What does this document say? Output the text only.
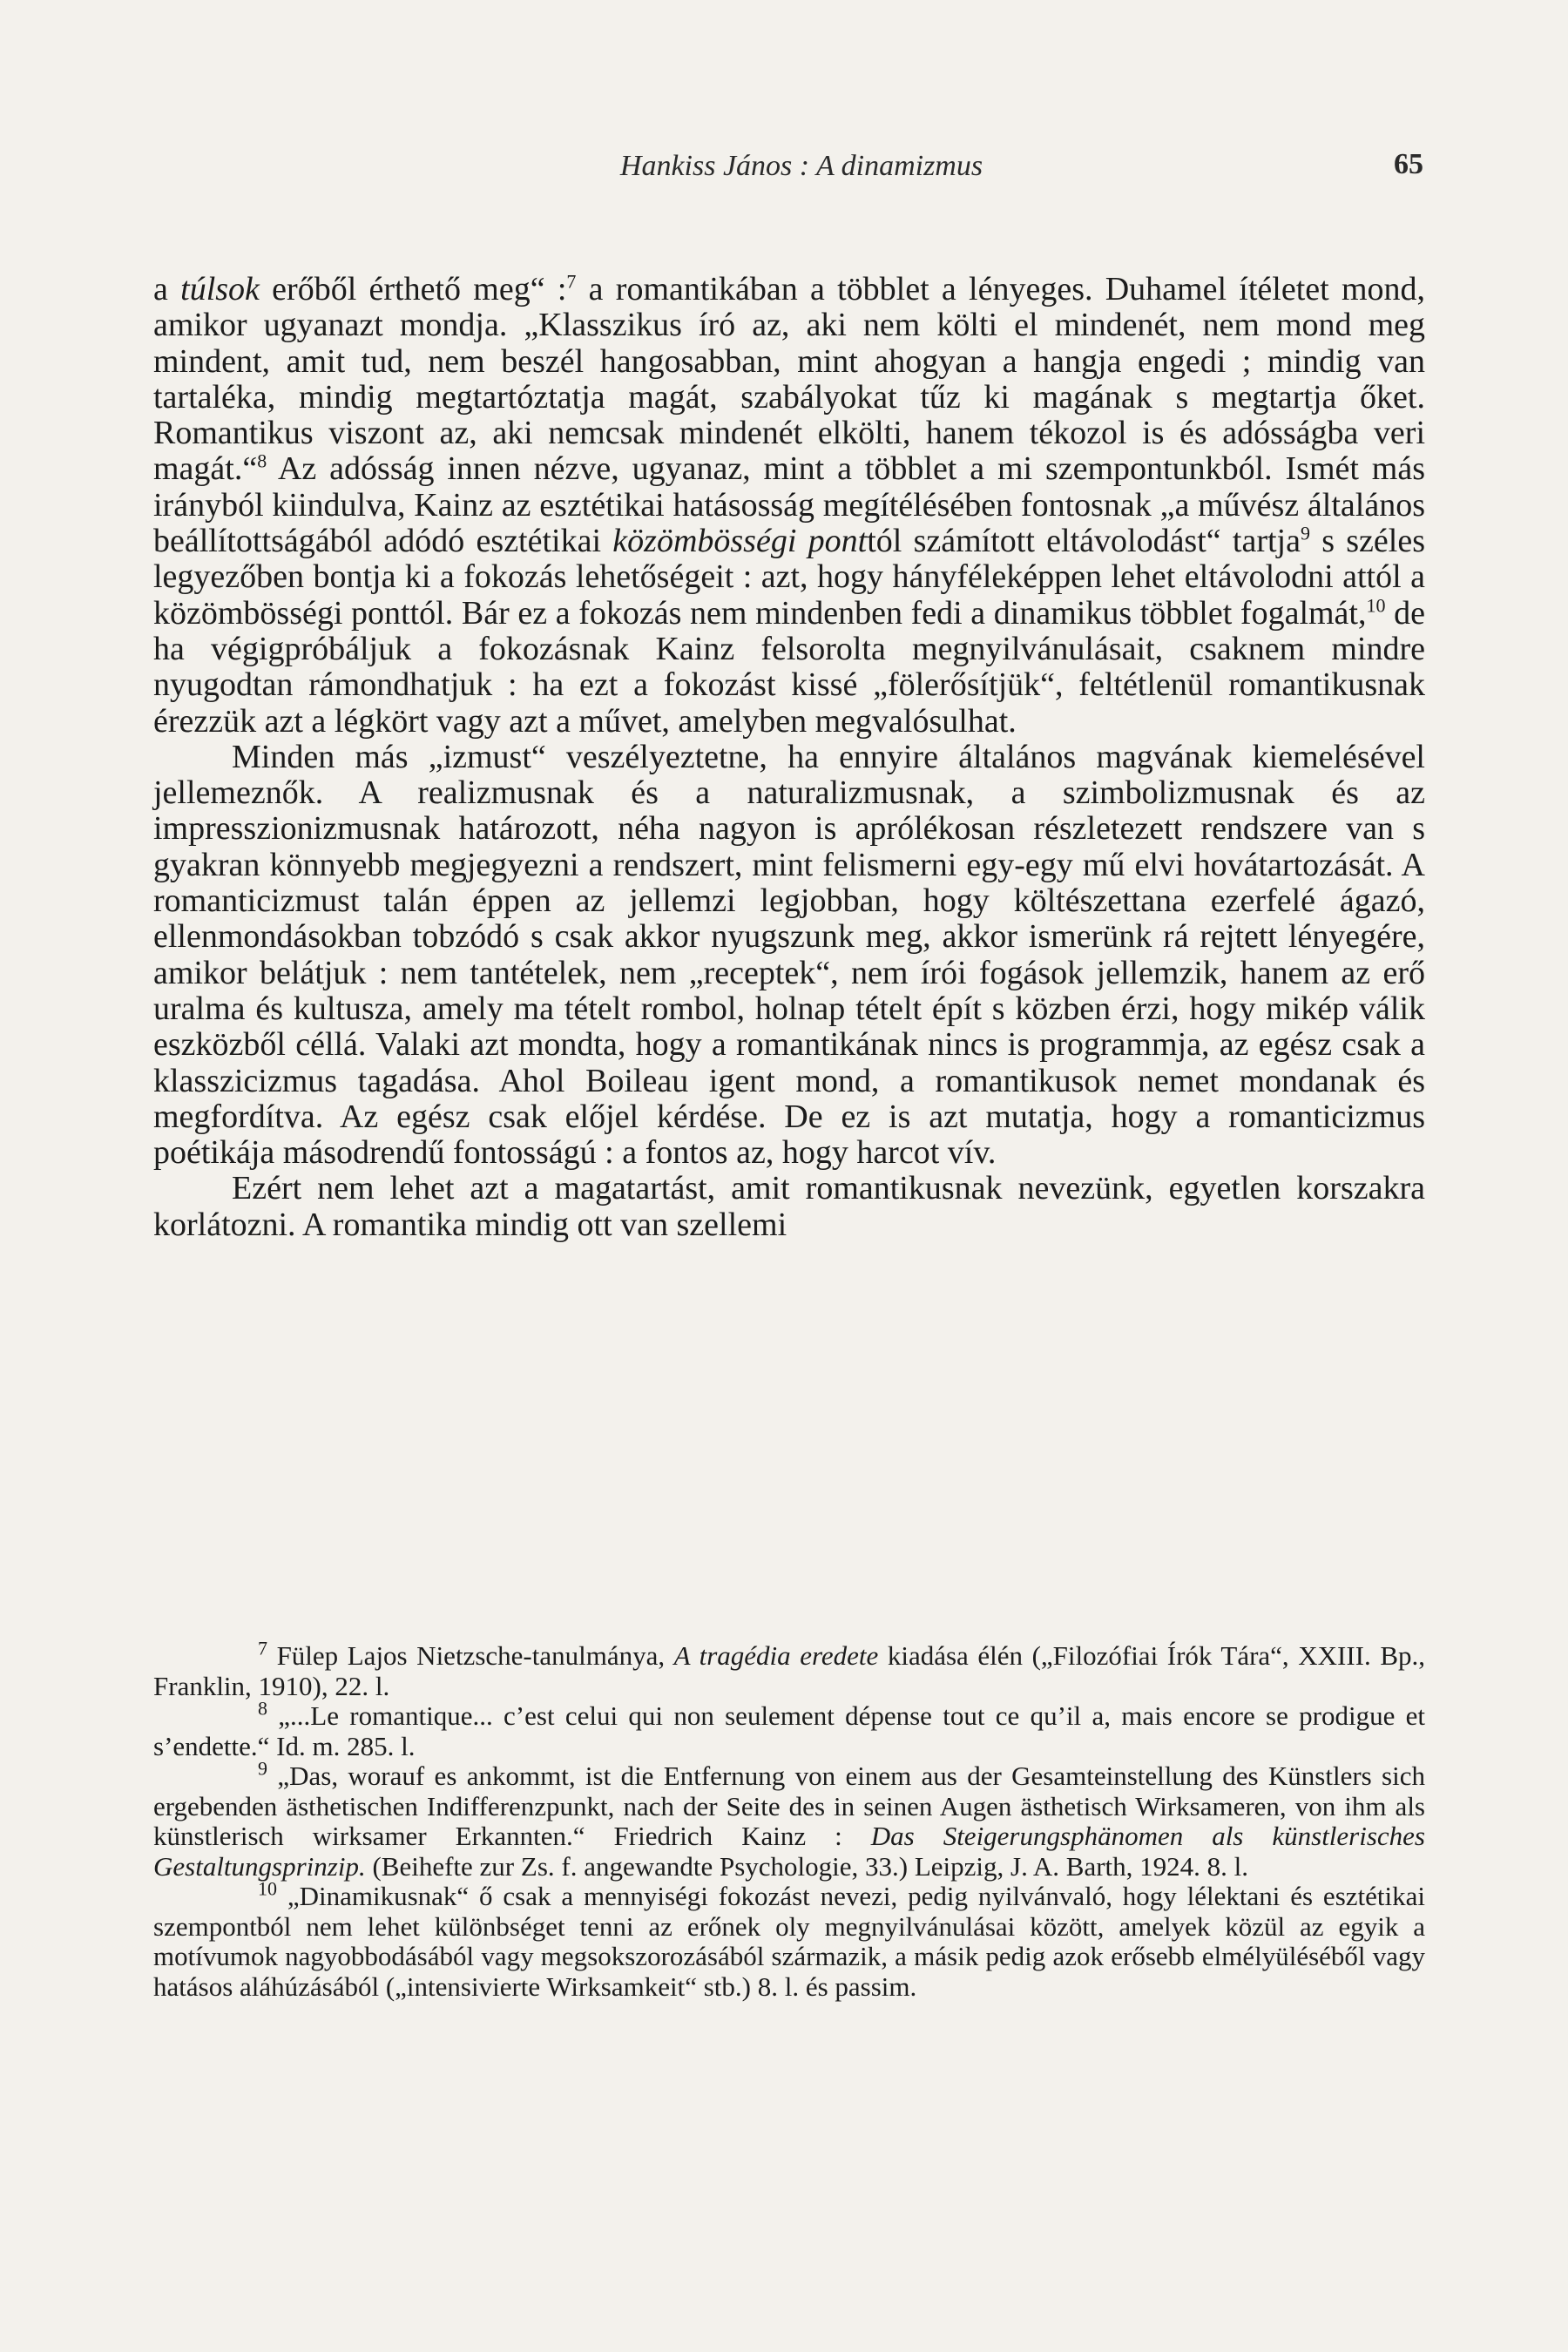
Hankiss János : A dinamizmus	65

a túlsok erőből érthető meg“ :$^7$ a romantikában a többlet a lényeges. Duhamel ítéletet mond, amikor ugyanazt mondja. „Klasszikus író az, aki nem költi el mindenét, nem mond meg mindent, amit tud, nem beszél hangosabban, mint ahogyan a hangja engedi ; mindig van tartaléka, mindig megtartóztatja magát, szabályokat tűz ki magának s megtartja őket. Romantikus viszont az, aki nemcsak mindenét elkölti, hanem tékozol is és adósságba veri magát.“$^8$ Az adósság innen nézve, ugyanaz, mint a többlet a mi szempontunkból. Ismét más irányból kiindulva, Kainz az esztétikai hatásosság megítélésében fontosnak „a művész általános beállítottságából adódó esztétikai közömbösségi ponttól számított eltávolodást“ tartja$^9$ s széles legyezőben bontja ki a fokozás lehetőségeit : azt, hogy hányféleképpen lehet eltávolodni attól a közömbösségi ponttól. Bár ez a fokozás nem mindenben fedi a dinamikus többlet fogalmát,$^{10}$ de ha végigpróbáljuk a fokozásnak Kainz felsorolta megnyilvánulásait, csaknem mindre nyugodtan rámondhatjuk : ha ezt a fokozást kissé „fölerősítjük“, feltétlenül romantikusnak érezzük azt a légkört vagy azt a művet, amelyben megvalósulhat.

Minden más „izmust“ veszélyeztetne, ha ennyire általános magvának kiemelésével jellemeznők. A realizmusnak és a naturalizmusnak, a szimbolizmusnak és az impresszionizmusnak határozott, néha nagyon is aprólékosan részletezett rendszere van s gyakran könnyebb megjegyezni a rendszert, mint felismerni egy-egy mű elvi hovátartozását. A romanticizmust talán éppen az jellemzi legjobban, hogy költészettana ezerfelé ágazó, ellenmondásokban tobzódó s csak akkor nyugszunk meg, akkor ismerünk rá rejtett lényegére, amikor belátjuk : nem tantételek, nem „receptek“, nem írói fogások jellemzik, hanem az erő uralma és kultusza, amely ma tételt rombol, holnap tételt épít s közben érzi, hogy mikép válik eszközből céllá. Valaki azt mondta, hogy a romantikának nincs is programmja, az egész csak a klasszicizmus tagadása. Ahol Boileau igent mond, a romantikusok nemet mondanak és megfordítva. Az egész csak előjel kérdése. De ez is azt mutatja, hogy a romanticizmus poétikája másodrendű fontosságú : a fontos az, hogy harcot vív.

Ezért nem lehet azt a magatartást, amit romantikusnak nevezünk, egyetlen korszakra korlátozni. A romantika mindig ott van szellemi

$^7$ Fülep Lajos Nietzsche-tanulmánya, A tragédia eredete kiadása élén („Filozófiai Írók Tára“, XXIII. Bp., Franklin, 1910), 22. l.

$^8$ „...Le romantique... c’est celui qui non seulement dépense tout ce qu’il a, mais encore se prodigue et s’endette.“ Id. m. 285. l.

$^9$ „Das, worauf es ankommt, ist die Entfernung von einem aus der Gesamteinstellung des Künstlers sich ergebenden ästhetischen Indifferenzpunkt, nach der Seite des in seinen Augen ästhetisch Wirksameren, von ihm als künstlerisch wirksamer Erkannten.“ Friedrich Kainz : Das Steigerungsphänomen als künstlerisches Gestaltungsprinzip. (Beihefte zur Zs. f. angewandte Psychologie, 33.) Leipzig, J. A. Barth, 1924. 8. l.

$^{10}$ „Dinamikusnak“ ő csak a mennyiségi fokozást nevezi, pedig nyilvánvaló, hogy lélektani és esztétikai szempontból nem lehet különbséget tenni az erőnek oly megnyilvánulásai között, amelyek közül az egyik a motívumok nagyobbodásából vagy megsokszorozásából származik, a másik pedig azok erősebb elmélyüléséből vagy hatásos aláhúzásából („intensivierte Wirksamkeit“ stb.) 8. l. és passim.
